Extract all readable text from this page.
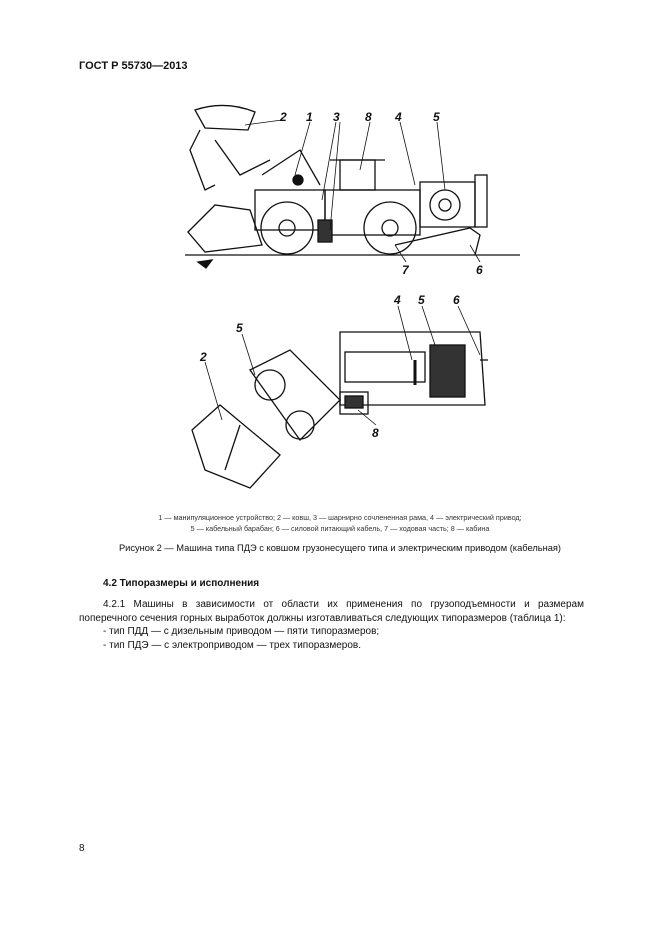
ГОСТ Р 55730—2013
2 1 3 8 4	5
7	6
4 5 6
5
2
8
1 — манипуляционное устройство; 2 — ковш, 3 — шарнирно сочлененная рама, 4 — электрический привод;
5 — кабельный барабан; 6 — силовой питающий кабель, 7 — ходовая часть; 8 — кабина
Рисунок 2 — Машина типа ПДЭ с ковшом грузонесущего типа и электрическим приводом (кабельная)
4.2 Типоразмеры и исполнения
4.2.1 Машины в зависимости от области их применения по грузоподъемности и размерам поперечного сечения горных выработок должны изготавливаться следующих типоразмеров (таблица 1):
- тип ПДД — с дизельным приводом — пяти типоразмеров;
- тип ПДЭ — с электроприводом — трех типоразмеров.
8
